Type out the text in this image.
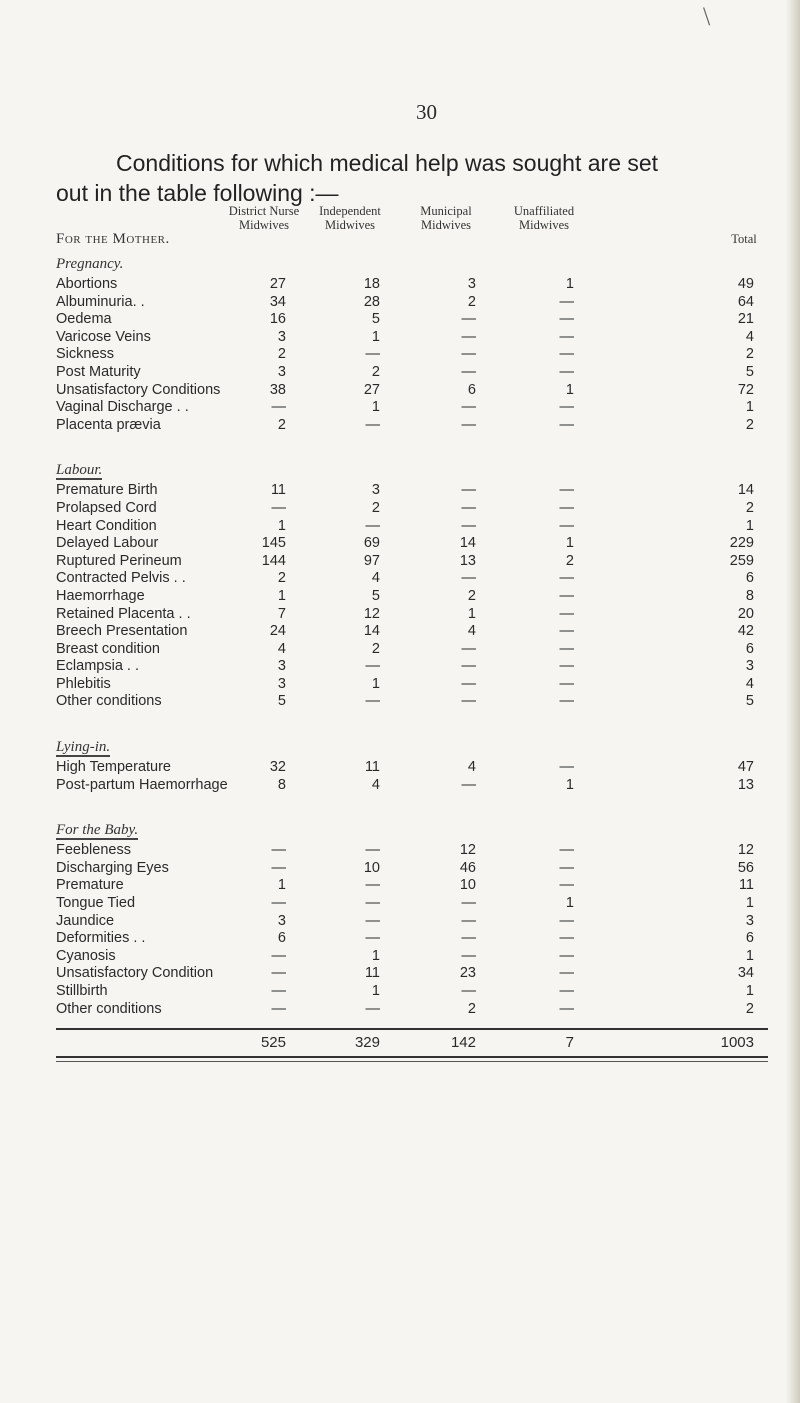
\
30
Conditions for which medical help was sought are set
out in the table following :—
For the Mother.
District Nurse Midwives
Independent Midwives
Municipal Midwives
Unaffiliated Midwives
Total
Pregnancy.
Abortions	27	18	3	1	49
Albuminuria. .	34	28	2	—	64
Oedema	16	5	—	—	21
Varicose Veins	3	1	—	—	4
Sickness	2	—	—	—	2
Post Maturity	3	2	—	—	5
Unsatisfactory Conditions	38	27	6	1	72
Vaginal Discharge . .	—	1	—	—	1
Placenta prævia	2	—	—	—	2
Labour.
Premature Birth	11	3	—	—	14
Prolapsed Cord	—	2	—	—	2
Heart Condition	1	—	—	—	1
Delayed Labour	145	69	14	1	229
Ruptured Perineum	144	97	13	2	259
Contracted Pelvis . .	2	4	—	—	6
Haemorrhage	1	5	2	—	8
Retained Placenta . .	7	12	1	—	20
Breech Presentation	24	14	4	—	42
Breast condition	4	2	—	—	6
Eclampsia . .	3	—	—	—	3
Phlebitis	3	1	—	—	4
Other conditions	5	—	—	—	5
Lying-in.
High Temperature	32	11	4	—	47
Post-partum Haemorrhage	8	4	—	1	13
For the Baby.
Feebleness	—	—	12	—	12
Discharging Eyes	—	10	46	—	56
Premature	1	—	10	—	11
Tongue Tied	—	—	—	1	1
Jaundice	3	—	—	—	3
Deformities . .	6	—	—	—	6
Cyanosis	—	1	—	—	1
Unsatisfactory Condition	—	11	23	—	34
Stillbirth	—	1	—	—	1
Other conditions	—	—	2	—	2
525	329	142	7	1003
